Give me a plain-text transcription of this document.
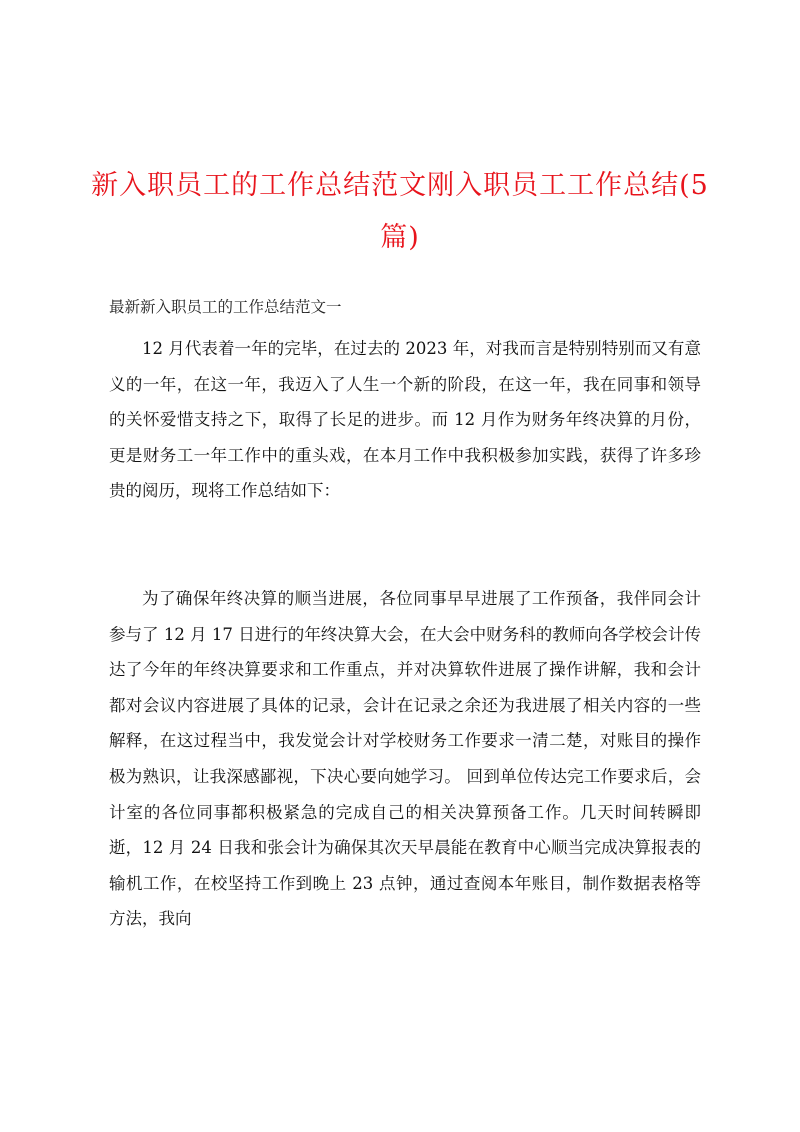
新入职员工的工作总结范文刚入职员工工作总结(5 篇)

最新新入职员工的工作总结范文一

12 月代表着一年的完毕，在过去的 2023 年，对我而言是特别特别而又有意义的一年，在这一年，我迈入了人生一个新的阶段，在这一年，我在同事和领导的关怀爱惜支持之下，取得了长足的进步。而 12 月作为财务年终决算的月份，更是财务工一年工作中的重头戏，在本月工作中我积极参加实践，获得了许多珍贵的阅历，现将工作总结如下：

为了确保年终决算的顺当进展，各位同事早早进展了工作预备，我伴同会计参与了 12 月 17 日进行的年终决算大会，在大会中财务科的教师向各学校会计传达了今年的年终决算要求和工作重点，并对决算软件进展了操作讲解，我和会计都对会议内容进展了具体的记录，会计在记录之余还为我进展了相关内容的一些解释，在这过程当中，我发觉会计对学校财务工作要求一清二楚，对账目的操作极为熟识，让我深感鄙视，下决心要向她学习。 回到单位传达完工作要求后，会计室的各位同事都积极紧急的完成自己的相关决算预备工作。几天时间转瞬即逝，12 月 24 日我和张会计为确保其次天早晨能在教育中心顺当完成决算报表的输机工作，在校坚持工作到晚上 23 点钟，通过查阅本年账目，制作数据表格等方法，我向
